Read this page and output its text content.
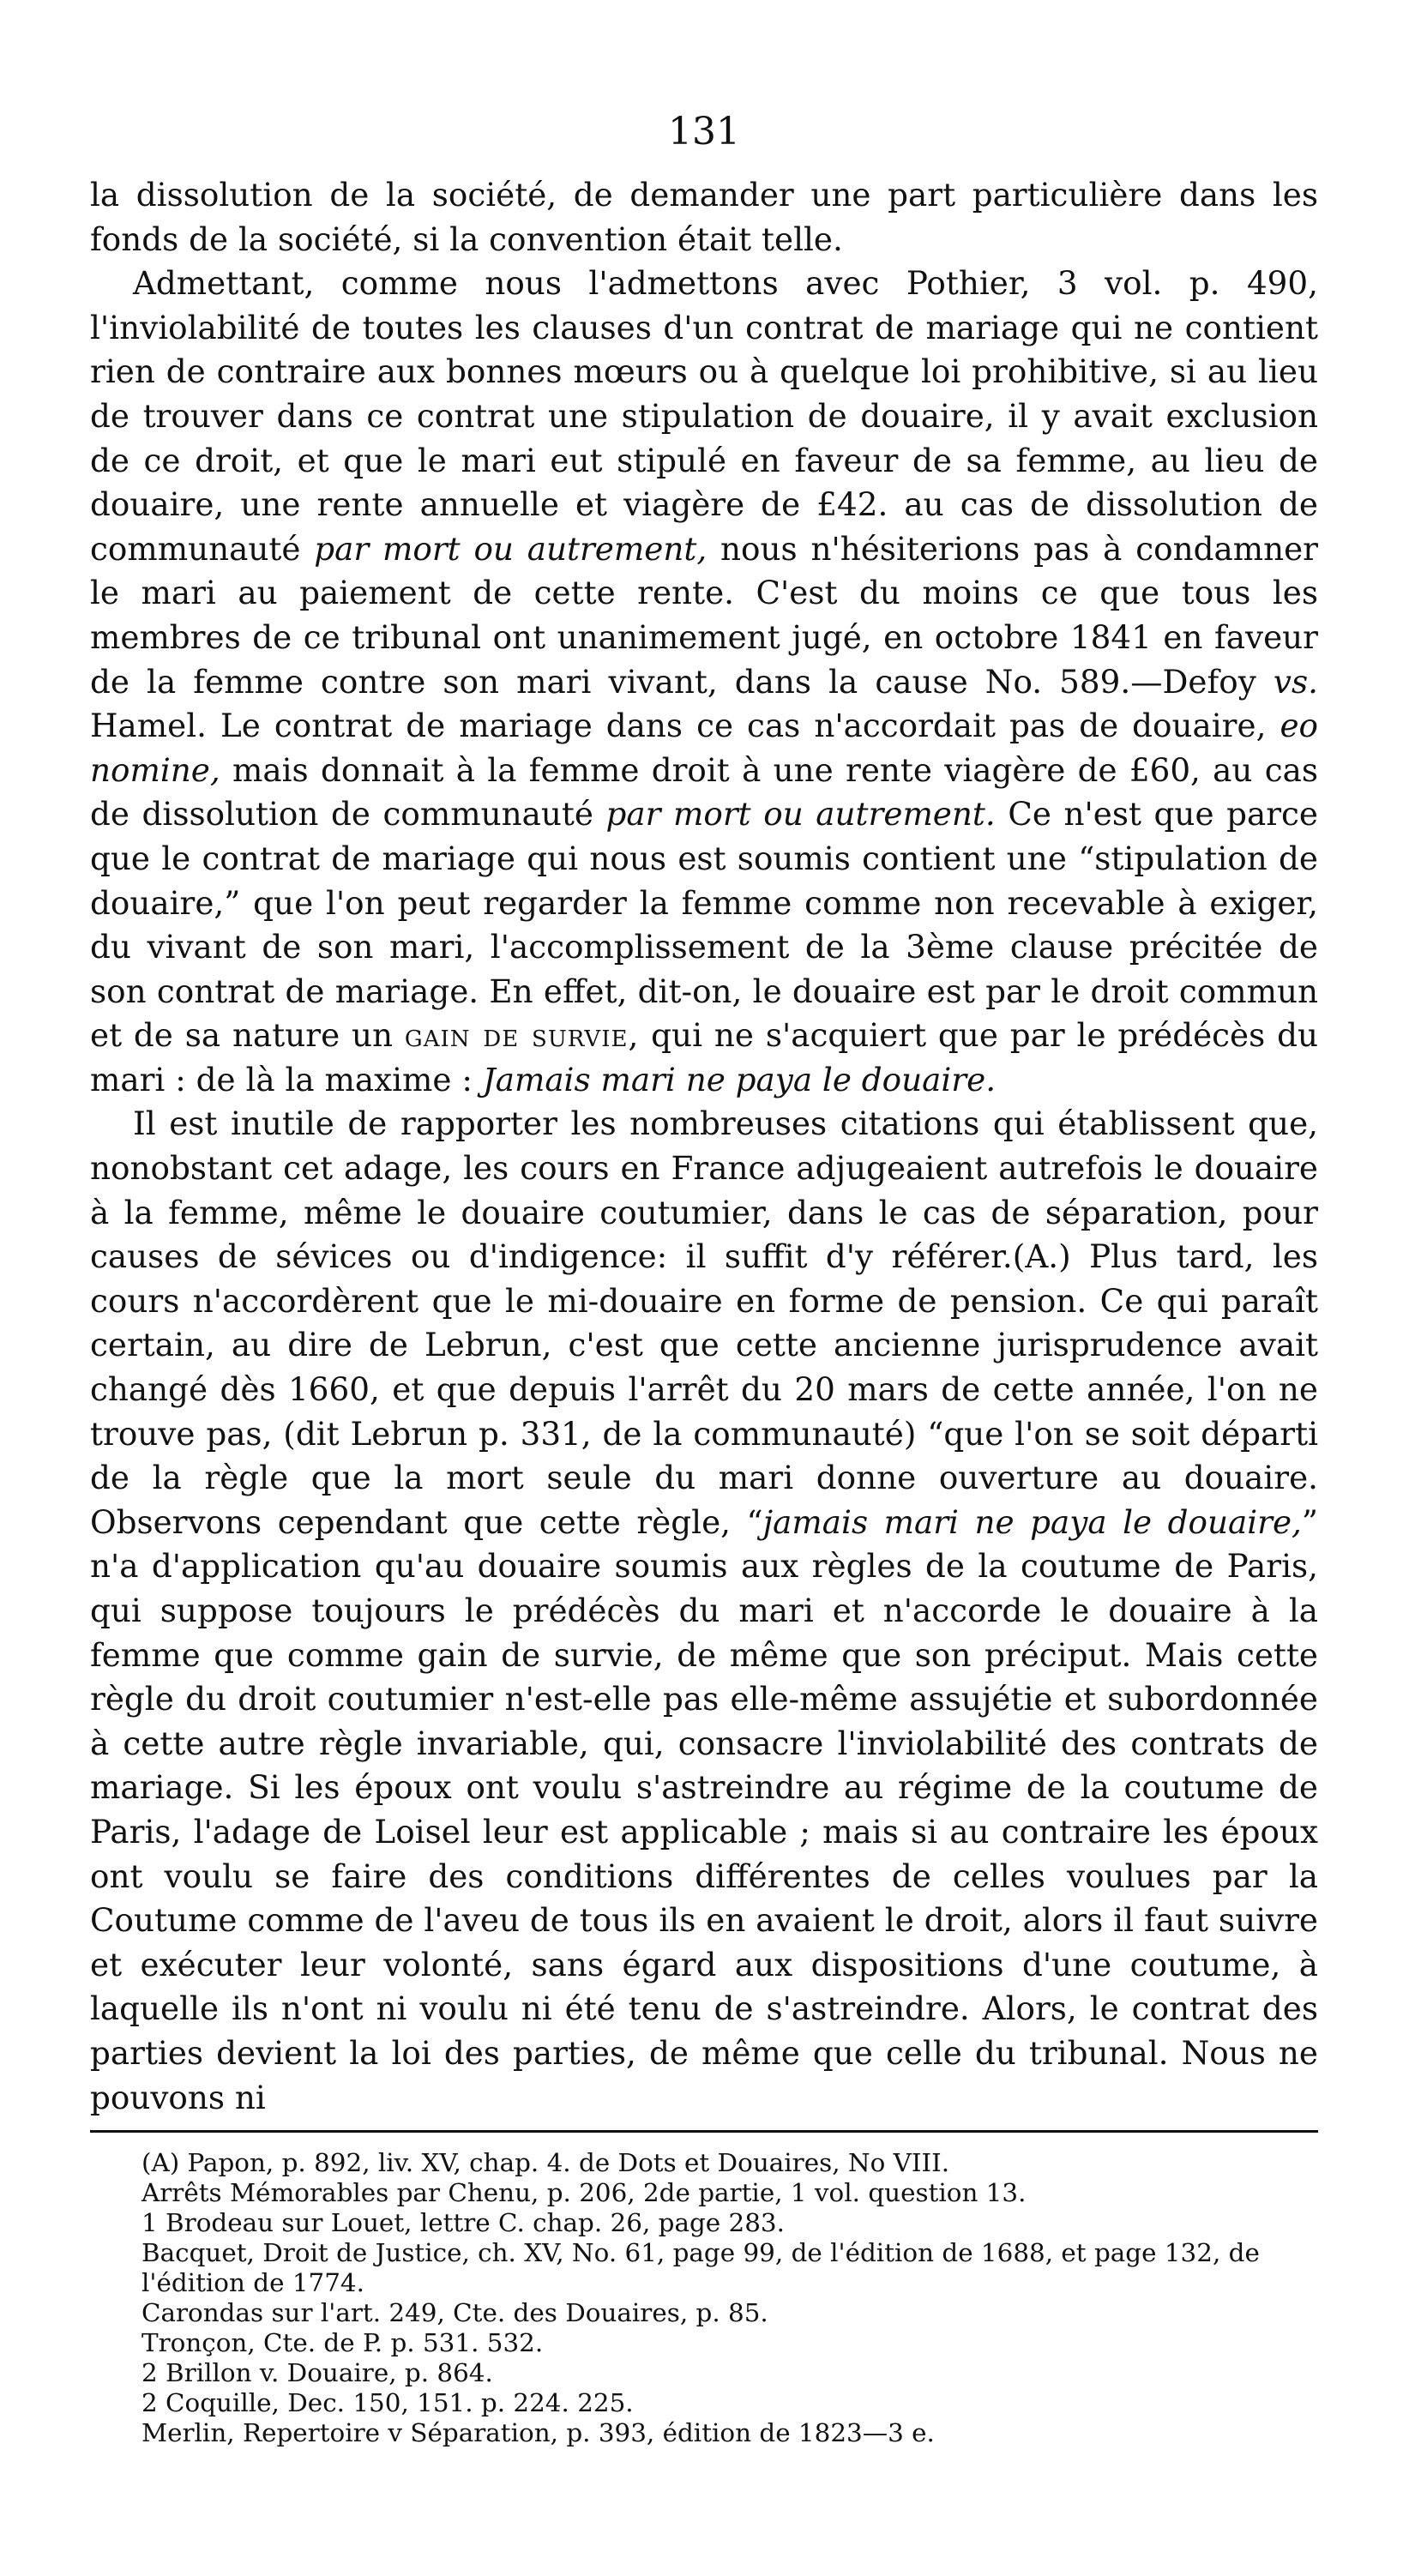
131

la dissolution de la société, de demander une part particulière dans les fonds de la société, si la convention était telle.

Admettant, comme nous l'admettons avec Pothier, 3 vol. p. 490, l'inviolabilité de toutes les clauses d'un contrat de mariage qui ne contient rien de contraire aux bonnes mœurs ou à quelque loi prohibitive, si au lieu de trouver dans ce contrat une stipulation de douaire, il y avait exclusion de ce droit, et que le mari eut stipulé en faveur de sa femme, au lieu de douaire, une rente annuelle et viagère de £42. au cas de dissolution de communauté par mort ou autrement, nous n'hésiterions pas à condamner le mari au paiement de cette rente. C'est du moins ce que tous les membres de ce tribunal ont unanimement jugé, en octobre 1841 en faveur de la femme contre son mari vivant, dans la cause No. 589.—Defoy vs. Hamel. Le contrat de mariage dans ce cas n'accordait pas de douaire, eo nomine, mais donnait à la femme droit à une rente viagère de £60, au cas de dissolution de communauté par mort ou autrement. Ce n'est que parce que le contrat de mariage qui nous est soumis contient une “stipulation de douaire,” que l'on peut regarder la femme comme non recevable à exiger, du vivant de son mari, l'accomplissement de la 3ème clause précitée de son contrat de mariage. En effet, dit-on, le douaire est par le droit commun et de sa nature un gain de survie, qui ne s'acquiert que par le prédécès du mari : de là la maxime : Jamais mari ne paya le douaire.

Il est inutile de rapporter les nombreuses citations qui établissent que, nonobstant cet adage, les cours en France adjugeaient autrefois le douaire à la femme, même le douaire coutumier, dans le cas de séparation, pour causes de sévices ou d'indigence: il suffit d'y référer.(A.) Plus tard, les cours n'accordèrent que le mi-douaire en forme de pension. Ce qui paraît certain, au dire de Lebrun, c'est que cette ancienne jurisprudence avait changé dès 1660, et que depuis l'arrêt du 20 mars de cette année, l'on ne trouve pas, (dit Lebrun p. 331, de la communauté) “que l'on se soit départi de la règle que la mort seule du mari donne ouverture au douaire. Observons cependant que cette règle, “jamais mari ne paya le douaire,” n'a d'application qu'au douaire soumis aux règles de la coutume de Paris, qui suppose toujours le prédécès du mari et n'accorde le douaire à la femme que comme gain de survie, de même que son préciput. Mais cette règle du droit coutumier n'est-elle pas elle-même assujétie et subordonnée à cette autre règle invariable, qui, consacre l'inviolabilité des contrats de mariage. Si les époux ont voulu s'astreindre au régime de la coutume de Paris, l'adage de Loisel leur est applicable ; mais si au contraire les époux ont voulu se faire des conditions différentes de celles voulues par la Coutume comme de l'aveu de tous ils en avaient le droit, alors il faut suivre et exécuter leur volonté, sans égard aux dispositions d'une coutume, à laquelle ils n'ont ni voulu ni été tenu de s'astreindre. Alors, le contrat des parties devient la loi des parties, de même que celle du tribunal. Nous ne pouvons ni

(A) Papon, p. 892, liv. XV, chap. 4. de Dots et Douaires, No VIII.
Arrêts Mémorables par Chenu, p. 206, 2de partie, 1 vol. question 13.
1 Brodeau sur Louet, lettre C. chap. 26, page 283.
Bacquet, Droit de Justice, ch. XV, No. 61, page 99, de l'édition de 1688, et page 132, de l'édition de 1774.
Carondas sur l'art. 249, Cte. des Douaires, p. 85.
Tronçon, Cte. de P. p. 531. 532.
2 Brillon v. Douaire, p. 864.
2 Coquille, Dec. 150, 151. p. 224. 225.
Merlin, Repertoire v Séparation, p. 393, édition de 1823—3 e.
